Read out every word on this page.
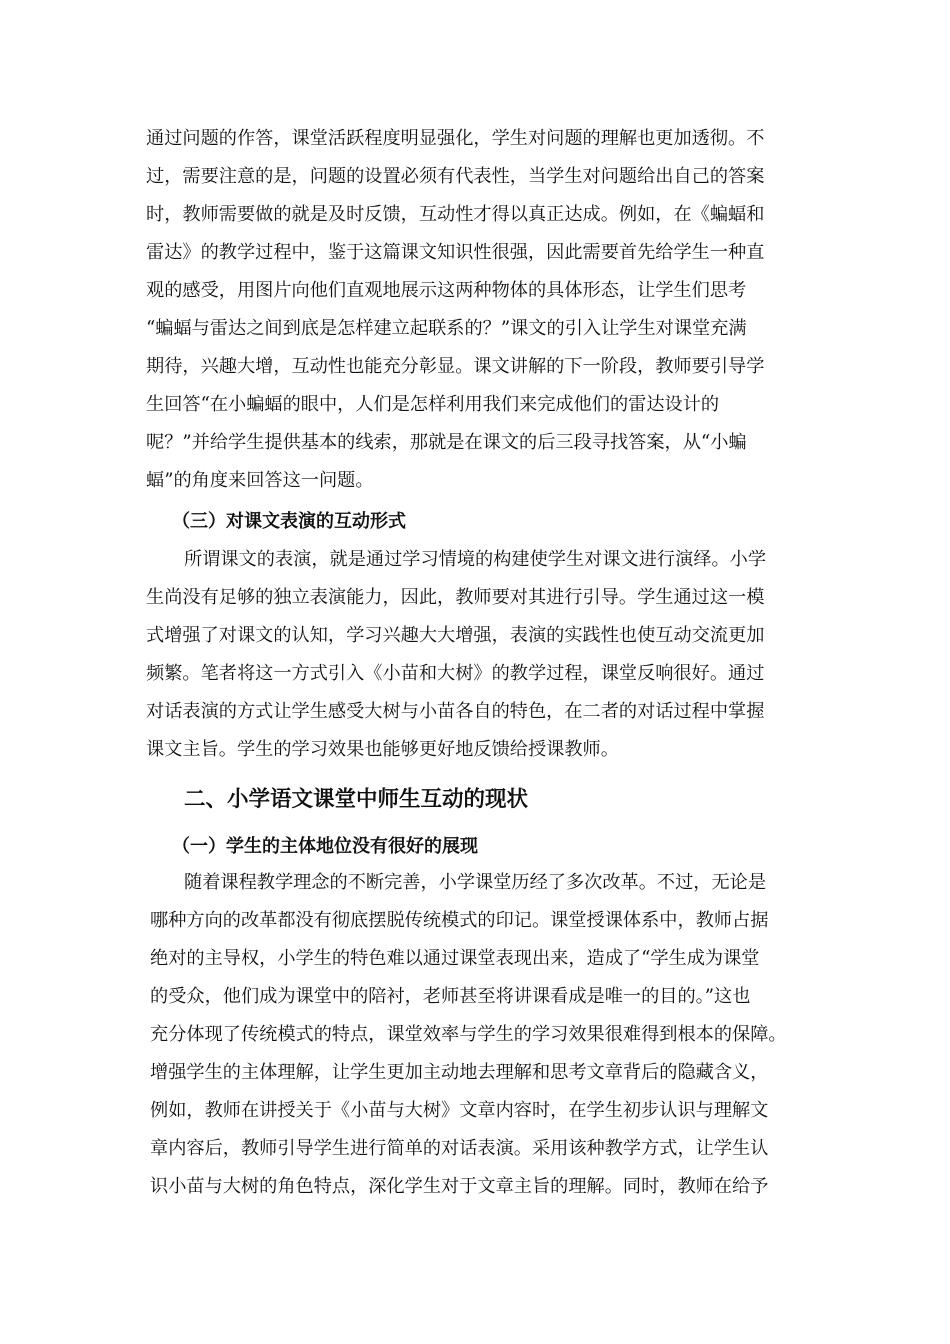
通过问题的作答，课堂活跃程度明显强化，学生对问题的理解也更加透彻。不
过，需要注意的是，问题的设置必须有代表性，当学生对问题给出自己的答案
时，教师需要做的就是及时反馈，互动性才得以真正达成。例如，在《蝙蝠和
雷达》的教学过程中，鉴于这篇课文知识性很强，因此需要首先给学生一种直
观的感受，用图片向他们直观地展示这两种物体的具体形态，让学生们思考
“蝙蝠与雷达之间到底是怎样建立起联系的？”课文的引入让学生对课堂充满
期待，兴趣大增，互动性也能充分彰显。课文讲解的下一阶段，教师要引导学
生回答“在小蝙蝠的眼中，人们是怎样利用我们来完成他们的雷达设计的
呢？”并给学生提供基本的线索，那就是在课文的后三段寻找答案，从“小蝙
蝠”的角度来回答这一问题。
（三）对课文表演的互动形式
所谓课文的表演，就是通过学习情境的构建使学生对课文进行演绎。小学
生尚没有足够的独立表演能力，因此，教师要对其进行引导。学生通过这一模
式增强了对课文的认知，学习兴趣大大增强，表演的实践性也使互动交流更加
频繁。笔者将这一方式引入《小苗和大树》的教学过程，课堂反响很好。通过
对话表演的方式让学生感受大树与小苗各自的特色，在二者的对话过程中掌握
课文主旨。学生的学习效果也能够更好地反馈给授课教师。
二、小学语文课堂中师生互动的现状
（一）学生的主体地位没有很好的展现
随着课程教学理念的不断完善，小学课堂历经了多次改革。不过，无论是
哪种方向的改革都没有彻底摆脱传统模式的印记。课堂授课体系中，教师占据
绝对的主导权，小学生的特色难以通过课堂表现出来，造成了“学生成为课堂
的受众，他们成为课堂中的陪衬，老师甚至将讲课看成是唯一的目的。”这也
充分体现了传统模式的特点，课堂效率与学生的学习效果很难得到根本的保障。
增强学生的主体理解，让学生更加主动地去理解和思考文章背后的隐藏含义，
例如，教师在讲授关于《小苗与大树》文章内容时，在学生初步认识与理解文
章内容后，教师引导学生进行简单的对话表演。采用该种教学方式，让学生认
识小苗与大树的角色特点，深化学生对于文章主旨的理解。同时，教师在给予
